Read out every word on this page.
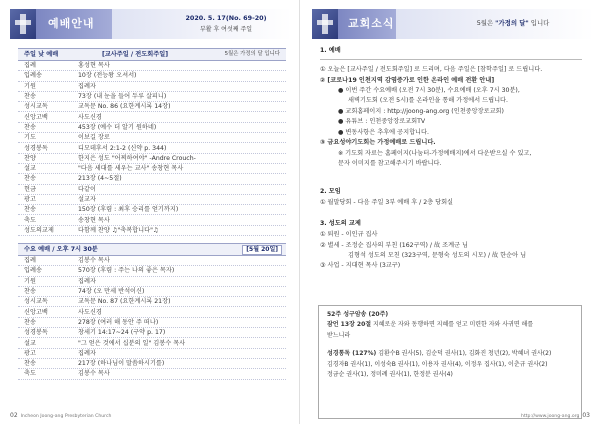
예배안내	2020. 5. 17(No. 69-20)
부활 후 여섯째 주일
주일 낮 예배	[교사주일 / 전도회주일]	5월은 가정의 달 입니다
집례	홍성현 목사
입례송	10장 (전능왕 오셔서)
기원	집례자
찬송	73장 (내 눈을 들어 두루 살피니)
성시교독	교독문 No. 86 (요한계시록 14장)
신앙고백	사도신경
찬송	453장 (예수 더 알기 원하네)
기도	이보길 장로
성경봉독	디모데후서 2:1-2 (신약 p. 344)
찬양	한지은 성도 "어찌하여야" -Andre Crouch-
설교	"다음 세대를 세우는 교사" 송창현 목사
찬송	213장 (4~5절)
헌금	다같이
광고	설교자
찬송	150장 (후렴 : 최후 승리를 얻기까지)
축도	송창현 목사
성도의교제	다함께 찬양 ♫"축복합니다"♫
수요 예배 / 오후 7시 30분	[5월 20일]
집례	김봉수 목사
입례송	570장 (후렴 : 주는 나의 좋은 목자)
기원	집례자
찬송	74장 (오 만세 반석이신)
성시교독	교독문 No. 87 (요한계시록 21장)
신앙고백	사도신경
찬송	278장 (여러 해 동안 주 떠나)
성경봉독	창세기 14:17~24 (구약 p. 17)
설교	"그 얻은 것에서 십분의 일" 김봉수 목사
광고	집례자
찬송	217장 (하나님이 말씀하시기를)
축도	김봉수 목사
02 Incheon Joong-ang Presbyterian Church
교회소식	5월은 "가정의 달" 입니다
1. 예배

① 오늘은 [교사주일 / 전도회주일] 로 드리며, 다음 주일은 [참학주일] 로 드립니다.

② [코로나19 인천지역 감염증가로 인한 온라인 예배 전환 안내]

● 이번 주간 수요예배 (오전 7시 30분), 수요예배 (오후 7시 30분),

새벽기도회 (오전 5시)를 온라인을 통해 가정에서 드립니다.

● 교회홈페이지 : http://joong-ang.org (인천중앙장로교회)

● 유튜브 : 인천중앙장로교회TV

● 변동사항은 추후에 공지합니다.

③ 금요성야기도회는 가정예배로 드립니다.

※ 기도회 자료는 홈페이지(나눔터-가정예배지)에서 다운받으실 수 있고,

문자 이미지를 참고해주시기 바랍니다.

2. 모임

① 월말당회 - 다음 주일 3부 예배 후 / 2층 당회실

3. 성도의 교제

① 퇴원 - 이인규 집사

② 별세 - 조정순 집사의 부친 (162구역) / 故 조계군 님

김형석 성도의 모친 (323구역, 문형숙 성도의 시모) / 故 한순아 님

③ 사업 - 지대현 목사 (3교구)

52주 성구암송 (20주)

잠언 13장 20절 지혜로운 자와 동행하면 지혜를 얻고 미련한 자와 사귀면 해를

받느니라

성경통독 (127%) 김환수B 권사(5), 김순덕 권사(1), 김화진 청년(2), 박혜녀 권사(2)

김경자B 권사(1), 이성숙B 권사(1), 이용자 권사(4), 이정우 집사(1), 이춘규 권사(2)

정금순 권사(1), 정미례 권사(1), 한정분 권사(4)

http://www.joong-ang.org 03
